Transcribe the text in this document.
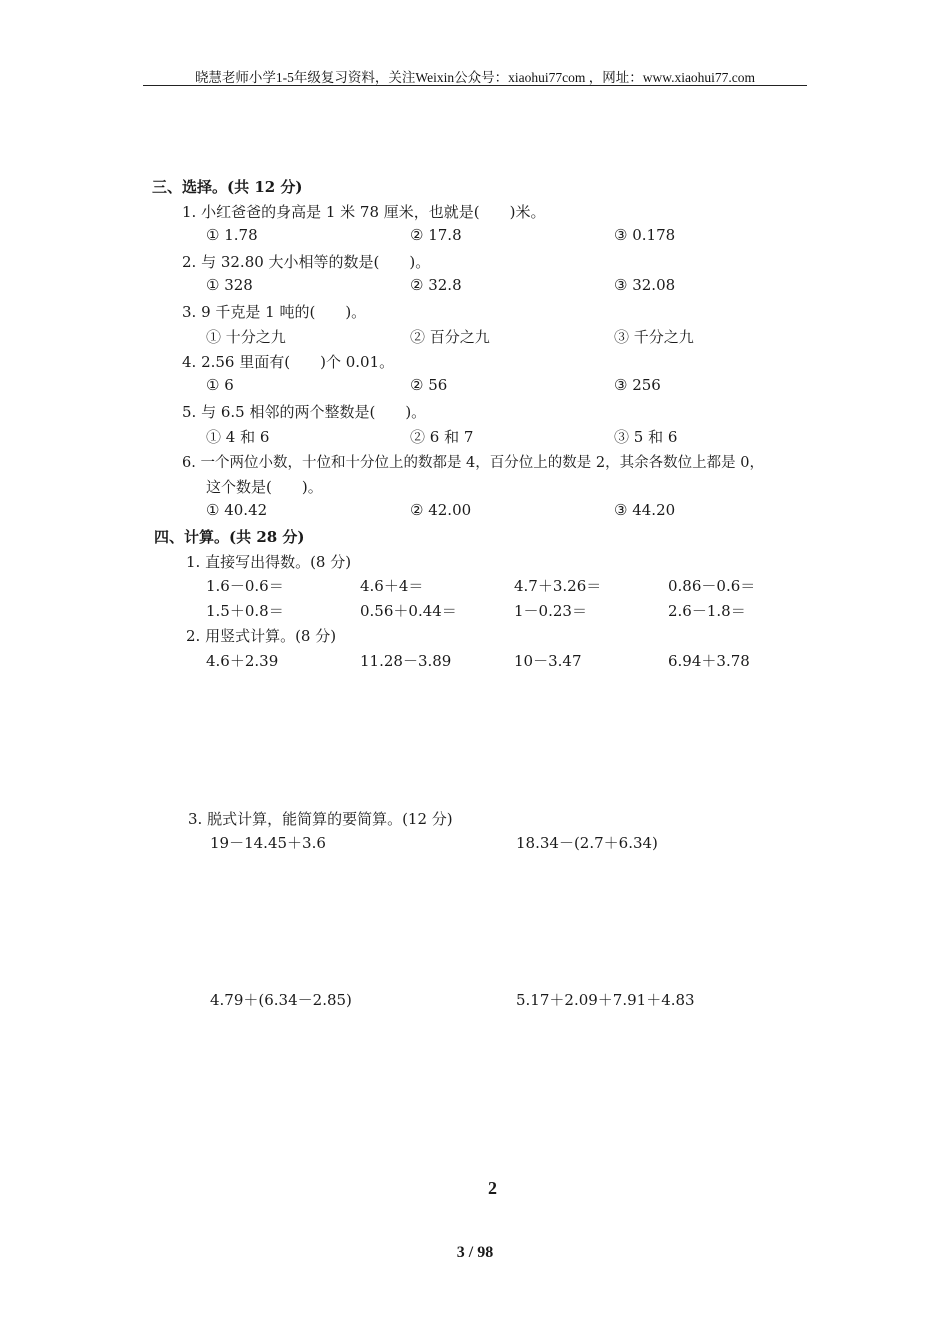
晓慧老师小学1-5年级复习资料，关注Weixin公众号：xiaohui77com ，网址：www.xiaohui77.com
三、选择。(共 12 分)
1. 小红爸爸的身高是 1 米 78 厘米，也就是(　　)米。
① 1.78	② 17.8	③ 0.178
2. 与 32.80 大小相等的数是(　　)。
① 328	② 32.8	③ 32.08
3. 9 千克是 1 吨的(　　)。
① 十分之九	② 百分之九	③ 千分之九
4. 2.56 里面有(　　)个 0.01。
① 6	② 56	③ 256
5. 与 6.5 相邻的两个整数是(　　)。
① 4 和 6	② 6 和 7	③ 5 和 6
6. 一个两位小数，十位和十分位上的数都是 4，百分位上的数是 2，其余各数位上都是 0，
这个数是(　　)。
① 40.42	② 42.00	③ 44.20
四、计算。(共 28 分)
1. 直接写出得数。(8 分)
1.6－0.6＝	4.6＋4＝	4.7＋3.26＝	0.86－0.6＝
1.5＋0.8＝	0.56＋0.44＝	1－0.23＝	2.6－1.8＝
2. 用竖式计算。(8 分)
4.6＋2.39	11.28－3.89	10－3.47	6.94＋3.78
3. 脱式计算，能简算的要简算。(12 分)
19－14.45＋3.6	18.34－(2.7＋6.34)
4.79＋(6.34－2.85)	5.17＋2.09＋7.91＋4.83
2
3 / 98
